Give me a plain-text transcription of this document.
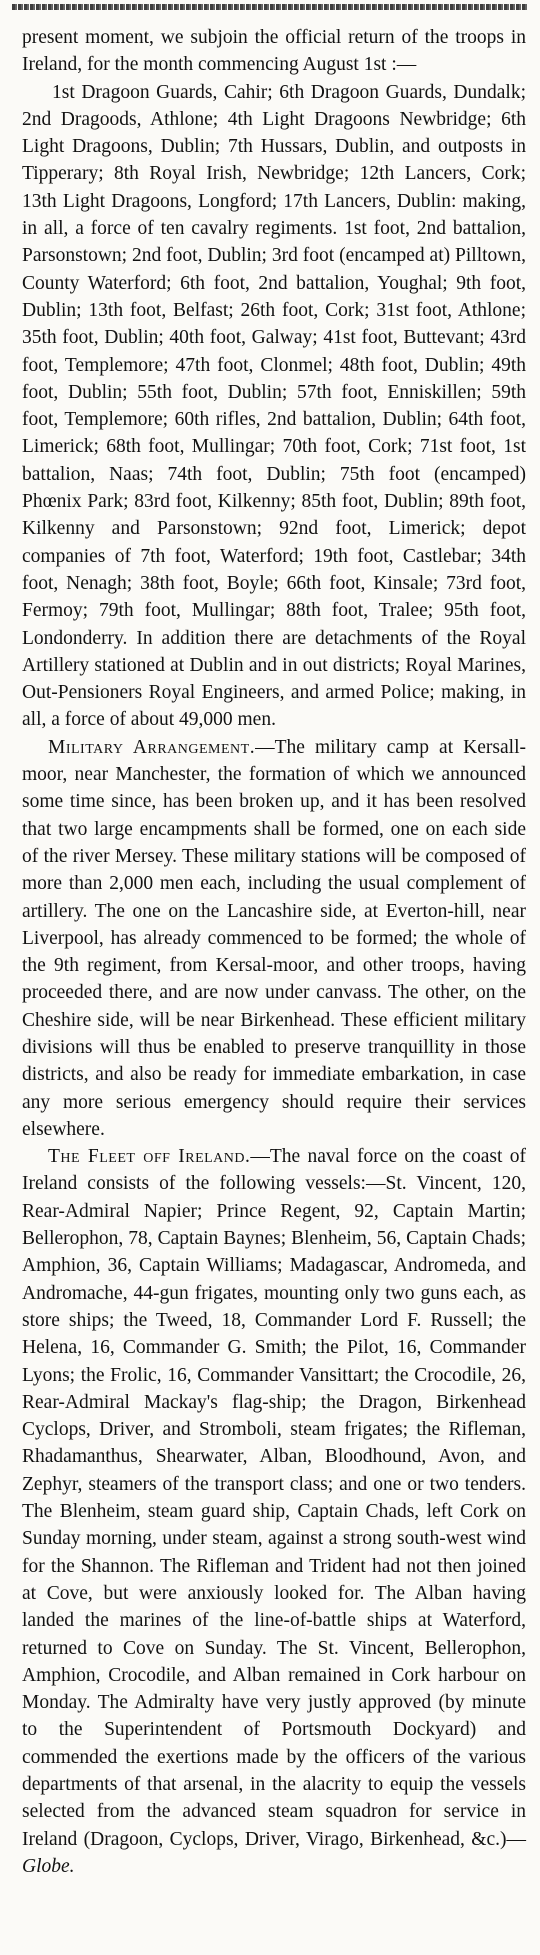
present moment, we subjoin the official return of the troops in Ireland, for the month commencing August 1st :—

1st Dragoon Guards, Cahir; 6th Dragoon Guards, Dundalk; 2nd Dragoods, Athlone; 4th Light Dragoons Newbridge; 6th Light Dragoons, Dublin; 7th Hussars, Dublin, and outposts in Tipperary; 8th Royal Irish, Newbridge; 12th Lancers, Cork; 13th Light Dragoons, Longford; 17th Lancers, Dublin: making, in all, a force of ten cavalry regiments. 1st foot, 2nd battalion, Parsonstown; 2nd foot, Dublin; 3rd foot (encamped at) Pilltown, County Waterford; 6th foot, 2nd battalion, Youghal; 9th foot, Dublin; 13th foot, Belfast; 26th foot, Cork; 31st foot, Athlone; 35th foot, Dublin; 40th foot, Galway; 41st foot, Buttevant; 43rd foot, Templemore; 47th foot, Clonmel; 48th foot, Dublin; 49th foot, Dublin; 55th foot, Dublin; 57th foot, Enniskillen; 59th foot, Templemore; 60th rifles, 2nd battalion, Dublin; 64th foot, Limerick; 68th foot, Mullingar; 70th foot, Cork; 71st foot, 1st battalion, Naas; 74th foot, Dublin; 75th foot (encamped) Phœnix Park; 83rd foot, Kilkenny; 85th foot, Dublin; 89th foot, Kilkenny and Parsonstown; 92nd foot, Limerick; depot companies of 7th foot, Waterford; 19th foot, Castlebar; 34th foot, Nenagh; 38th foot, Boyle; 66th foot, Kinsale; 73rd foot, Fermoy; 79th foot, Mullingar; 88th foot, Tralee; 95th foot, Londonderry. In addition there are detachments of the Royal Artillery stationed at Dublin and in out districts; Royal Marines, Out-Pensioners Royal Engineers, and armed Police; making, in all, a force of about 49,000 men.

Military Arrangement.—The military camp at Kersall-moor, near Manchester, the formation of which we announced some time since, has been broken up, and it has been resolved that two large encampments shall be formed, one on each side of the river Mersey. These military stations will be composed of more than 2,000 men each, including the usual complement of artillery. The one on the Lancashire side, at Everton-hill, near Liverpool, has already commenced to be formed; the whole of the 9th regiment, from Kersal-moor, and other troops, having proceeded there, and are now under canvass. The other, on the Cheshire side, will be near Birkenhead. These efficient military divisions will thus be enabled to preserve tranquillity in those districts, and also be ready for immediate embarkation, in case any more serious emergency should require their services elsewhere.

The Fleet off Ireland.—The naval force on the coast of Ireland consists of the following vessels:—St. Vincent, 120, Rear-Admiral Napier; Prince Regent, 92, Captain Martin; Bellerophon, 78, Captain Baynes; Blenheim, 56, Captain Chads; Amphion, 36, Captain Williams; Madagascar, Andromeda, and Andromache, 44-gun frigates, mounting only two guns each, as store ships; the Tweed, 18, Commander Lord F. Russell; the Helena, 16, Commander G. Smith; the Pilot, 16, Commander Lyons; the Frolic, 16, Commander Vansittart; the Crocodile, 26, Rear-Admiral Mackay's flag-ship; the Dragon, Birkenhead Cyclops, Driver, and Stromboli, steam frigates; the Rifleman, Rhadamanthus, Shearwater, Alban, Bloodhound, Avon, and Zephyr, steamers of the transport class; and one or two tenders. The Blenheim, steam guard ship, Captain Chads, left Cork on Sunday morning, under steam, against a strong south-west wind for the Shannon. The Rifleman and Trident had not then joined at Cove, but were anxiously looked for. The Alban having landed the marines of the line-of-battle ships at Waterford, returned to Cove on Sunday. The St. Vincent, Bellerophon, Amphion, Crocodile, and Alban remained in Cork harbour on Monday. The Admiralty have very justly approved (by minute to the Superintendent of Portsmouth Dockyard) and commended the exertions made by the officers of the various departments of that arsenal, in the alacrity to equip the vessels selected from the advanced steam squadron for service in Ireland (Dragoon, Cyclops, Driver, Virago, Birkenhead, &c.)—Globe.
